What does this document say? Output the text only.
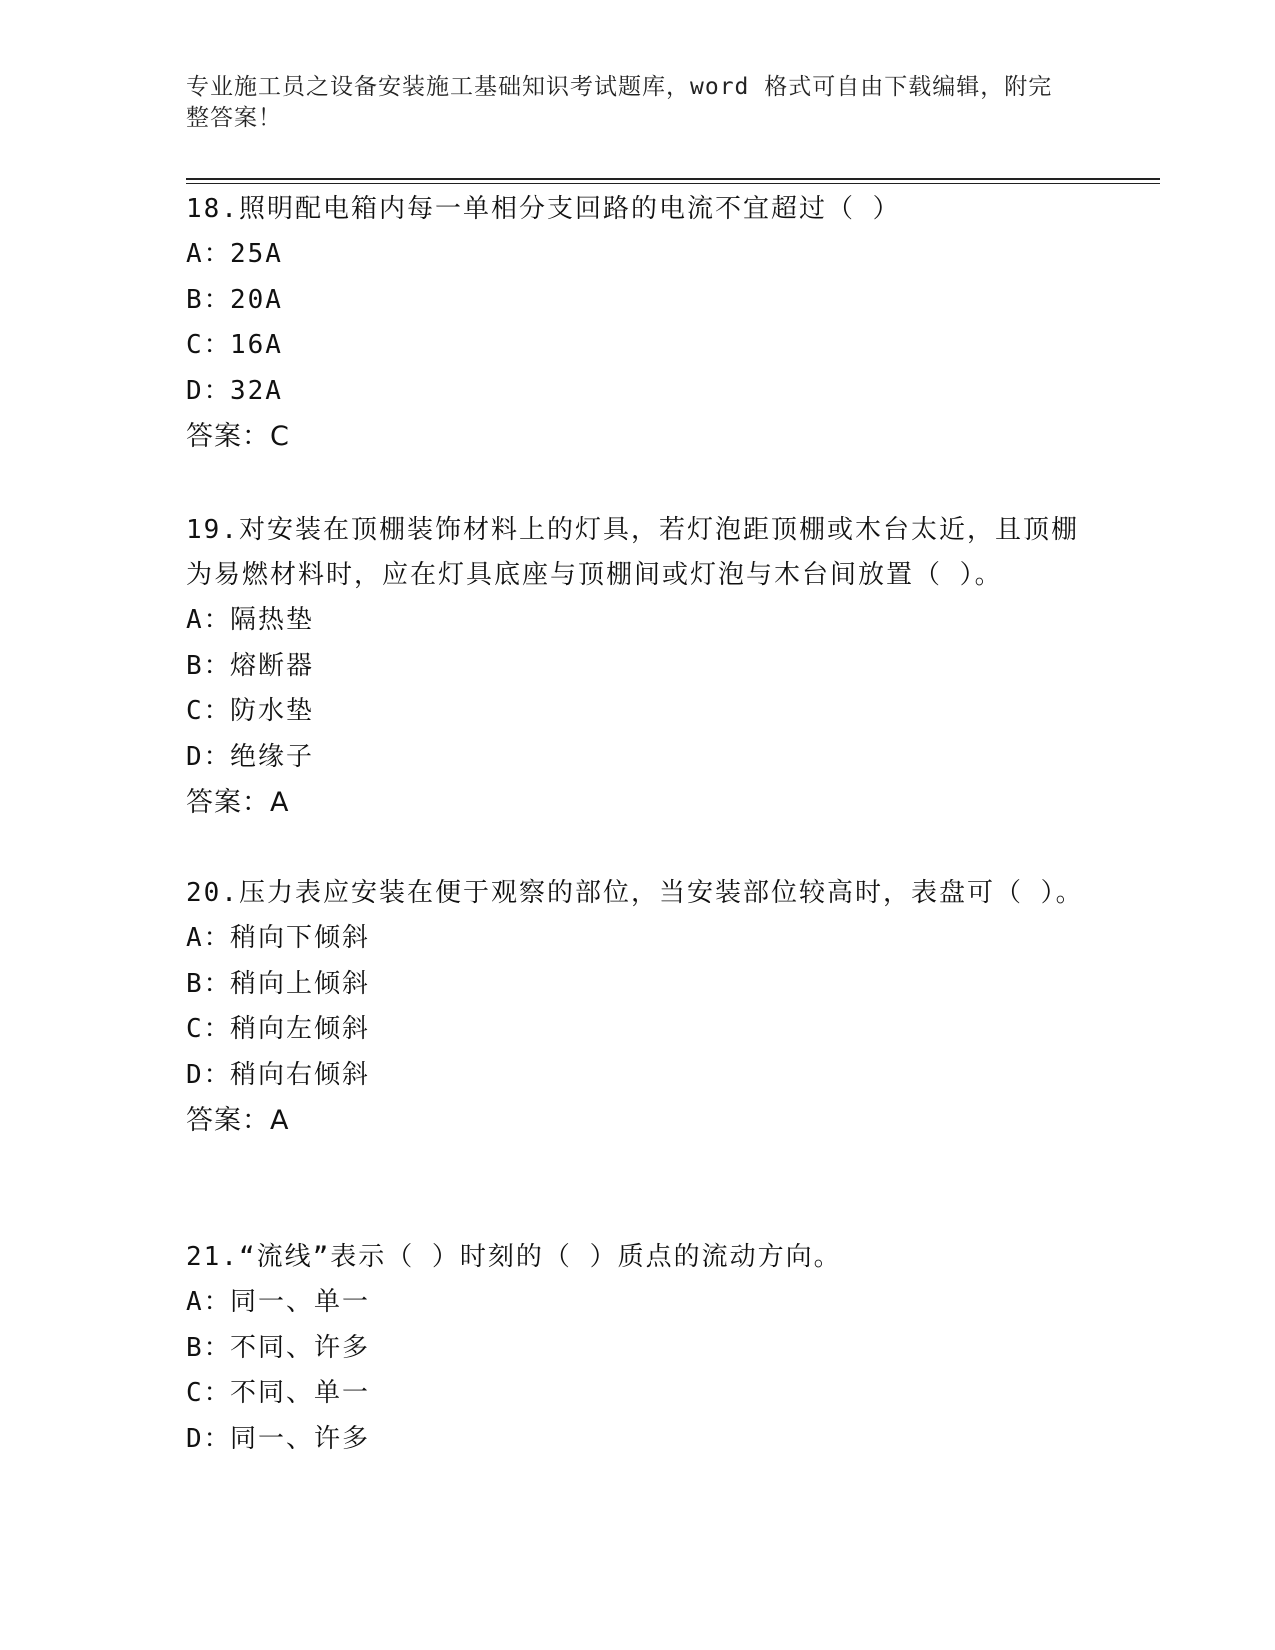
专业施工员之设备安装施工基础知识考试题库，word 格式可自由下载编辑，附完整答案！

18.照明配电箱内每一单相分支回路的电流不宜超过（ ）

A：
25A
B：
20A
C：
16A
D：
32A
答案：C

19.对安装在顶棚装饰材料上的灯具，若灯泡距顶棚或木台太近，且顶棚为易燃材料时，应在灯具底座与顶棚间或灯泡与木台间放置（ ）。

A：
隔热垫
B：
熔断器
C：
防水垫
D：
绝缘子
答案：A

20.压力表应安装在便于观察的部位，当安装部位较高时，表盘可（ ）。

A：
稍向下倾斜
B：
稍向上倾斜
C：
稍向左倾斜
D：
稍向右倾斜
答案：A

21.“流线”表示（ ）时刻的（ ）质点的流动方向。

A：
同一、单一
B：
不同、许多
C：
不同、单一
D：
同一、许多
